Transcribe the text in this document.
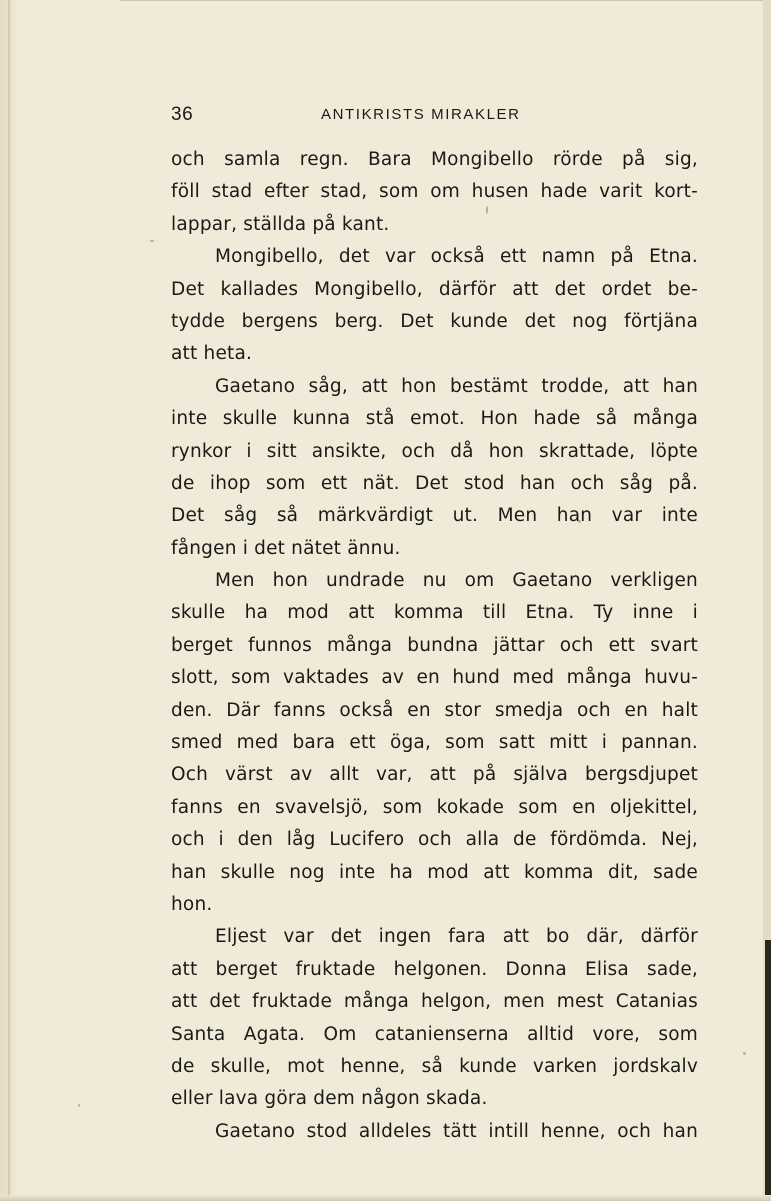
36	ANTIKRISTS MIRAKLER
och samla regn. Bara Mongibello rörde på sig,
föll stad efter stad, som om husen hade varit kort-
lappar, ställda på kant.
Mongibello, det var också ett namn på Etna.
Det kallades Mongibello, därför att det ordet be-
tydde bergens berg. Det kunde det nog förtjäna
att heta.
Gaetano såg, att hon bestämt trodde, att han
inte skulle kunna stå emot. Hon hade så många
rynkor i sitt ansikte, och då hon skrattade, löpte
de ihop som ett nät. Det stod han och såg på.
Det såg så märkvärdigt ut. Men han var inte
fången i det nätet ännu.
Men hon undrade nu om Gaetano verkligen
skulle ha mod att komma till Etna. Ty inne i
berget funnos många bundna jättar och ett svart
slott, som vaktades av en hund med många huvu-
den. Där fanns också en stor smedja och en halt
smed med bara ett öga, som satt mitt i pannan.
Och värst av allt var, att på själva bergsdjupet
fanns en svavelsjö, som kokade som en oljekittel,
och i den låg Lucifero och alla de fördömda. Nej,
han skulle nog inte ha mod att komma dit, sade
hon.
Eljest var det ingen fara att bo där, därför
att berget fruktade helgonen. Donna Elisa sade,
att det fruktade många helgon, men mest Catanias
Santa Agata. Om catanienserna alltid vore, som
de skulle, mot henne, så kunde varken jordskalv
eller lava göra dem någon skada.
Gaetano stod alldeles tätt intill henne, och han
